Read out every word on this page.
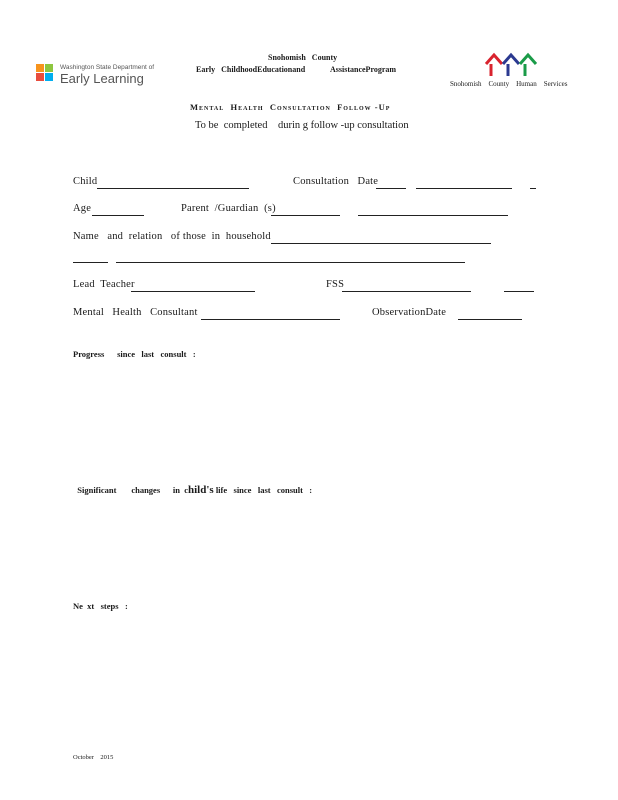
Washington State Department of
Early Learning
Snohomish   County
Early   ChildhoodEducationand	AssistanceProgram
Snohomish    County    Human    Services
Mental  Health  Consultation  Follow -Up
To be  completed    durin g follow -up consultation
Child	Consultation   Date
Age	Parent  /Guardian  (s)
Name   and  relation   of those  in  household
Lead  Teacher	FSS
Mental   Health   Consultant	ObservationDate
Progress      since   last   consult   :

Significant       changes      in  child's life   since   last   consult   :

Ne  xt   steps   :
October    2015
